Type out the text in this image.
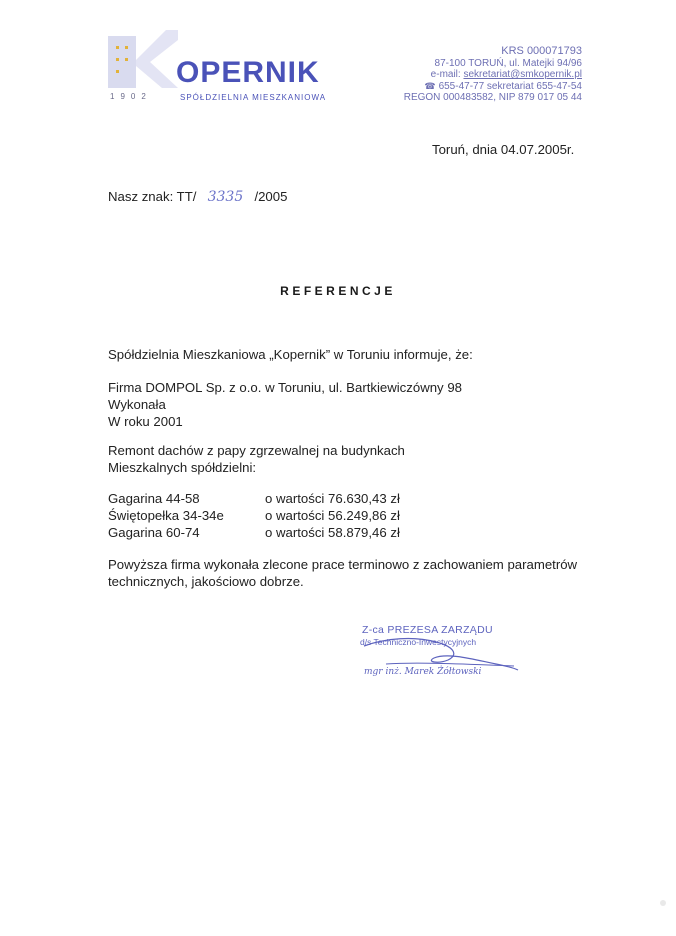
OPERNIK
1902	SPÓŁDZIELNIA MIESZKANIOWA
KRS 000071793
87-100 TORUŃ, ul. Matejki 94/96
e-mail: sekretariat@smkopernik.pl
☎ 655-47-77 sekretariat 655-47-54
REGON 000483582, NIP 879 017 05 44
Toruń, dnia 04.07.2005r.
Nasz znak: TT/ 3335 /2005
REFERENCJE
Spółdzielnia Mieszkaniowa „Kopernik” w Toruniu informuje, że:
Firma DOMPOL Sp. z o.o. w Toruniu, ul. Bartkiewiczówny 98
Wykonała
W roku 2001
Remont dachów z papy zgrzewalnej na budynkach
Mieszkalnych spółdzielni:
Gagarina 44-58	o wartości 76.630,43 zł
Świętopełka 34-34e	o wartości 56.249,86 zł
Gagarina 60-74	o wartości 58.879,46 zł
Powyższa firma wykonała zlecone prace terminowo z zachowaniem parametrów
technicznych, jakościowo dobrze.
Z-ca PREZESA ZARZĄDU
d/s Techniczno-Inwestycyjnych
mgr inż. Marek Żółtowski
